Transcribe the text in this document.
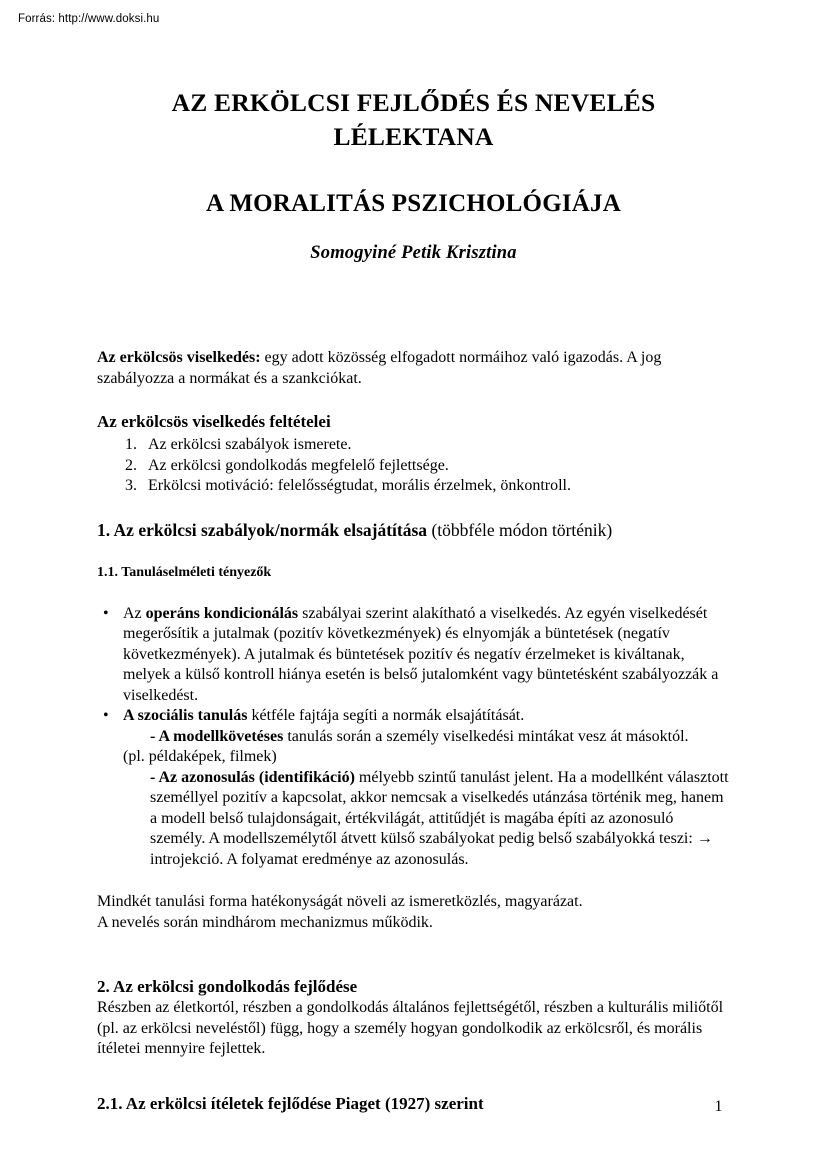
Forrás: http://www.doksi.hu
AZ ERKÖLCSI FEJLŐDÉS ÉS NEVELÉS LÉLEKTANA
A MORALITÁS PSZICHOLÓGIÁJA
Somogyiné Petik Krisztina

Az erkölcsös viselkedés: egy adott közösség elfogadott normáihoz való igazodás. A jog szabályozza a normákat és a szankciókat.

Az erkölcsös viselkedés feltételei
1. Az erkölcsi szabályok ismerete.
2. Az erkölcsi gondolkodás megfelelő fejlettsége.
3. Erkölcsi motiváció: felelősségtudat, morális érzelmek, önkontroll.
1. Az erkölcsi szabályok/normák elsajátítása (többféle módon történik)
1.1. Tanuláselméleti tényezők
• Az operáns kondicionálás szabályai szerint alakítható a viselkedés. Az egyén viselkedését megerősítik a jutalmak (pozitív következmények) és elnyomják a büntetések (negatív következmények). A jutalmak és büntetések pozitív és negatív érzelmeket is kiváltanak, melyek a külső kontroll hiánya esetén is belső jutalomként vagy büntetésként szabályozzák a viselkedést.
• A szociális tanulás kétféle fajtája segíti a normák elsajátítását.
- A modellkövetéses tanulás során a személy viselkedési mintákat vesz át másoktól.
(pl. példaképek, filmek)
- Az azonosulás (identifikáció) mélyebb szintű tanulást jelent. Ha a modellként választott személlyel pozitív a kapcsolat, akkor nemcsak a viselkedés utánzása történik meg, hanem a modell belső tulajdonságait, értékvilágát, attitűdjét is magába építi az azonosuló személy. A modellszemélytől átvett külső szabályokat pedig belső szabályokká teszi: → introjekció. A folyamat eredménye az azonosulás.

Mindkét tanulási forma hatékonyságát növeli az ismeretközlés, magyarázat.

A nevelés során mindhárom mechanizmus működik.

2. Az erkölcsi gondolkodás fejlődése

Részben az életkortól, részben a gondolkodás általános fejlettségétől, részben a kulturális miliőtől (pl. az erkölcsi neveléstől) függ, hogy a személy hogyan gondolkodik az erkölcsről, és morális ítéletei mennyire fejlettek.

2.1. Az erkölcsi ítéletek fejlődése Piaget (1927) szerint	1
